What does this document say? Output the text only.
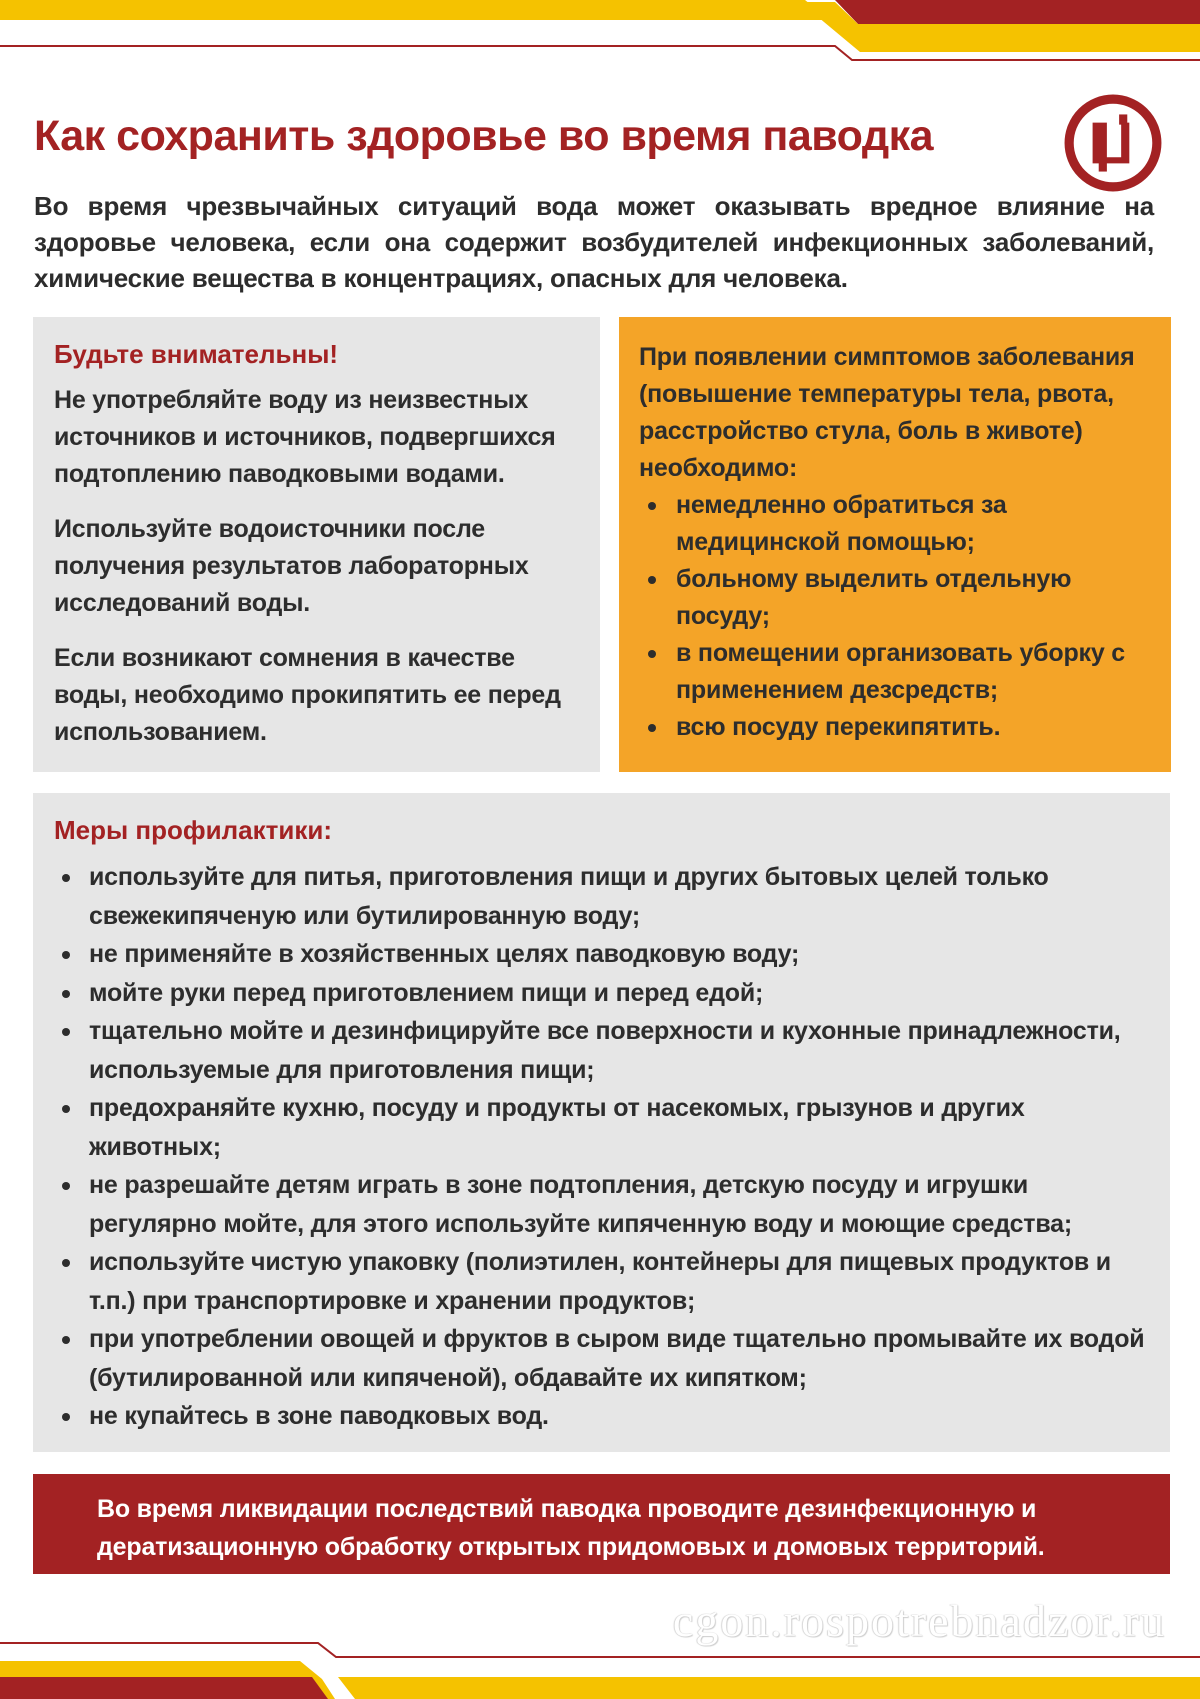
Как сохранить здоровье во время паводка

Во время чрезвычайных ситуаций вода может оказывать вредное влияние на здоровье человека, если она содержит возбудителей инфекционных заболеваний, химические вещества в концентрациях, опасных для человека.

Будьте внимательны!

Не употребляйте воду из неизвестных источников и источников, подвергшихся подтоплению паводковыми водами.

Используйте водоисточники после получения результатов лабораторных исследований воды.

Если возникают сомнения в качестве воды, необходимо прокипятить ее перед использованием.

При появлении симптомов заболевания (повышение температуры тела, рвота, расстройство стула, боль в животе) необходимо:

немедленно обратиться за медицинской помощью;
больному выделить отдельную посуду;
в помещении организовать уборку с применением дезсредств;
всю посуду перекипятить.
Меры профилактики:
используйте для питья, приготовления пищи и других бытовых целей только свежекипяченую или бутилированную воду;
не применяйте в хозяйственных целях паводковую воду;
мойте руки перед приготовлением пищи и перед едой;
тщательно мойте и дезинфицируйте все поверхности и кухонные принадлежности, используемые для приготовления пищи;
предохраняйте кухню, посуду и продукты от насекомых, грызунов и других животных;
не разрешайте детям играть в зоне подтопления, детскую посуду и игрушки регулярно мойте, для этого используйте кипяченную воду и моющие средства;
используйте чистую упаковку (полиэтилен, контейнеры для пищевых продуктов и т.п.) при транспортировке и хранении продуктов;
при употреблении овощей и фруктов в сыром виде тщательно промывайте их водой (бутилированной или кипяченой), обдавайте их кипятком;
не купайтесь в зоне паводковых вод.

Во время ликвидации последствий паводка проводите дезинфекционную и

дератизационную обработку открытых придомовых и домовых территорий.

cgon.rospotrebnadzor.ru
